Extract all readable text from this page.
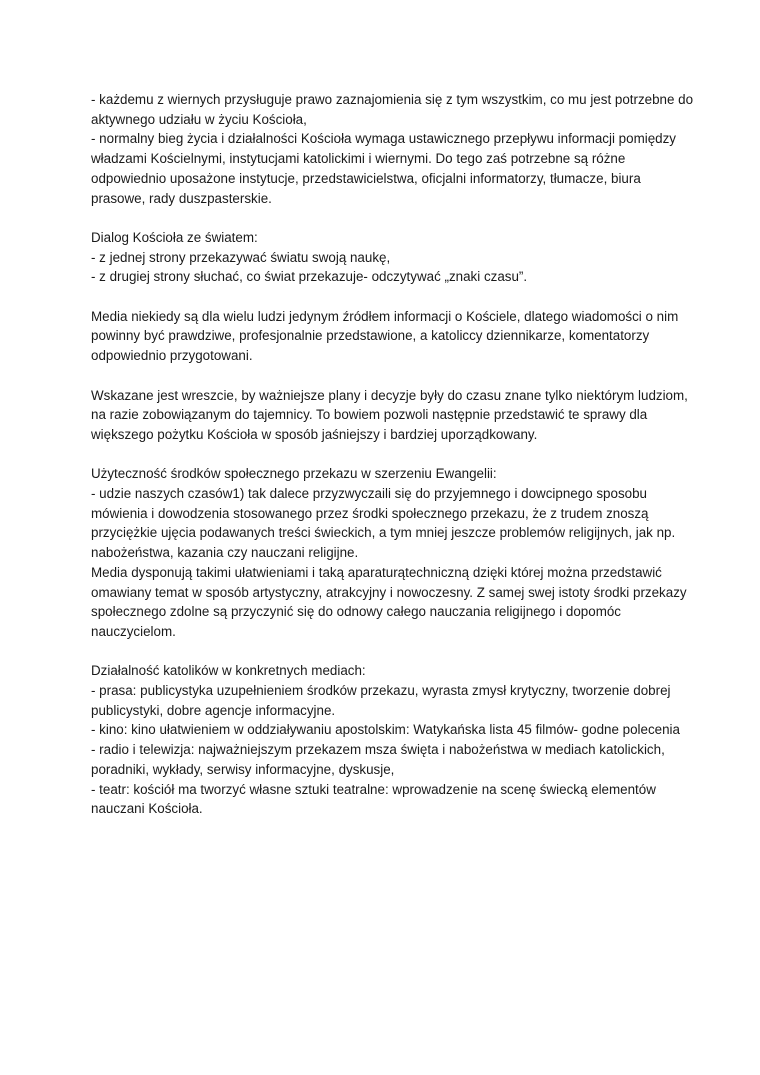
- każdemu z wiernych przysługuje prawo zaznajomienia się z tym wszystkim, co mu jest potrzebne do
aktywnego udziału w życiu Kościoła,
- normalny bieg życia i działalności Kościoła wymaga ustawicznego przepływu informacji pomiędzy
władzami Kościelnymi, instytucjami katolickimi i wiernymi. Do tego zaś potrzebne są różne
odpowiednio uposażone instytucje, przedstawicielstwa, oficjalni informatorzy, tłumacze, biura
prasowe, rady duszpasterskie.
Dialog Kościoła ze światem:
- z jednej strony przekazywać światu swoją naukę,
- z drugiej strony słuchać, co świat przekazuje- odczytywać „znaki czasu”.
Media niekiedy są dla wielu ludzi jedynym źródłem informacji o Kościele, dlatego wiadomości o nim
powinny być prawdziwe, profesjonalnie przedstawione, a katoliccy dziennikarze, komentatorzy
odpowiednio przygotowani.
Wskazane jest wreszcie, by ważniejsze plany i decyzje były do czasu znane tylko niektórym ludziom,
na razie zobowiązanym do tajemnicy. To bowiem pozwoli następnie przedstawić te sprawy dla
większego pożytku Kościoła w sposób jaśniejszy i bardziej uporządkowany.
Użyteczność środków społecznego przekazu w szerzeniu Ewangelii:
- udzie naszych czasów1) tak dalece przyzwyczaili się do przyjemnego i dowcipnego sposobu
mówienia i dowodzenia stosowanego przez środki społecznego przekazu, że z trudem znoszą
przyciężkie ujęcia podawanych treści świeckich, a tym mniej jeszcze problemów religijnych, jak np.
nabożeństwa, kazania czy nauczani religijne.
Media dysponują takimi ułatwieniami i taką aparaturątechniczną dzięki której można przedstawić
omawiany temat w sposób artystyczny, atrakcyjny i nowoczesny. Z samej swej istoty środki przekazy
społecznego zdolne są przyczynić się do odnowy całego nauczania religijnego i dopomóc
nauczycielom.
Działalność katolików w konkretnych mediach:
- prasa: publicystyka uzupełnieniem środków przekazu, wyrasta zmysł krytyczny, tworzenie dobrej
publicystyki, dobre agencje informacyjne.
- kino: kino ułatwieniem w oddziaływaniu apostolskim: Watykańska lista 45 filmów- godne polecenia
- radio i telewizja: najważniejszym przekazem msza święta i nabożeństwa w mediach katolickich,
poradniki, wykłady, serwisy informacyjne, dyskusje,
- teatr: kościół ma tworzyć własne sztuki teatralne: wprowadzenie na scenę świecką elementów
nauczani Kościoła.
